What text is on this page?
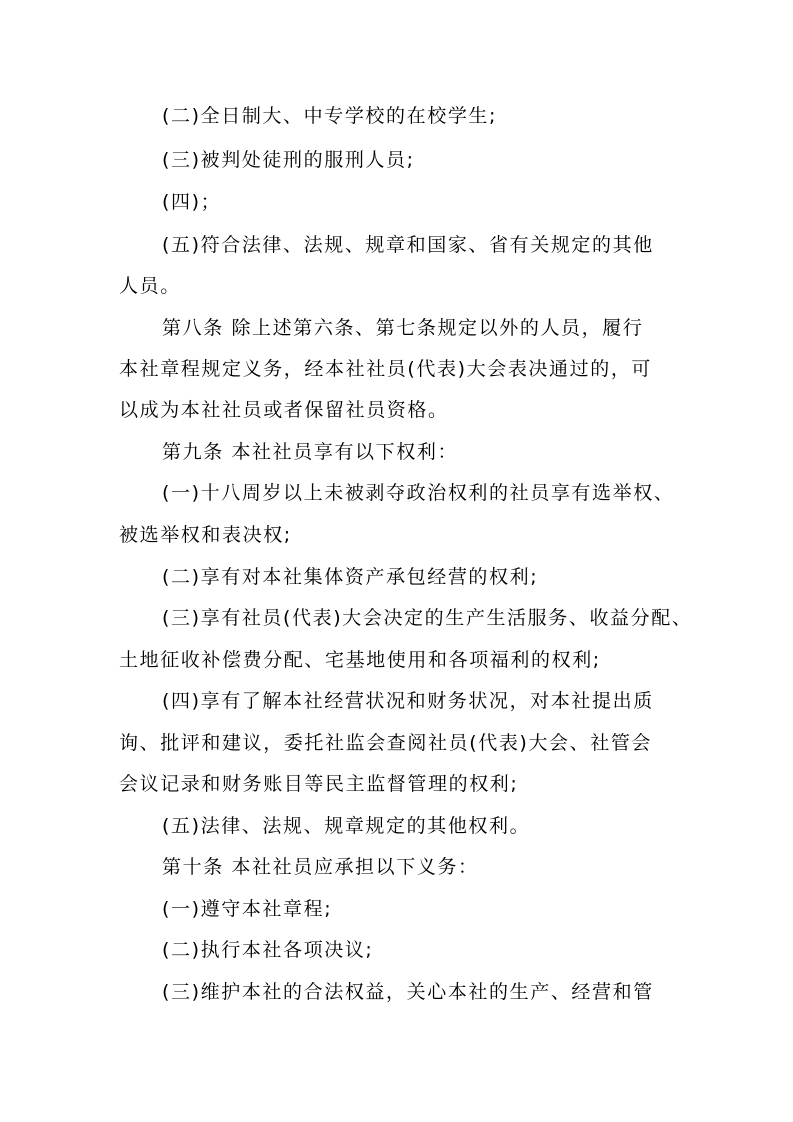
(二)全日制大、中专学校的在校学生;
(三)被判处徒刑的服刑人员;
(四)；
(五)符合法律、法规、规章和国家、省有关规定的其他
人员。
第八条 除上述第六条、第七条规定以外的人员，履行
本社章程规定义务，经本社社员(代表)大会表决通过的，可
以成为本社社员或者保留社员资格。
第九条 本社社员享有以下权利：
(一)十八周岁以上未被剥夺政治权利的社员享有选举权、
被选举权和表决权;
(二)享有对本社集体资产承包经营的权利;
(三)享有社员(代表)大会决定的生产生活服务、收益分配、
土地征收补偿费分配、宅基地使用和各项福利的权利;
(四)享有了解本社经营状况和财务状况，对本社提出质
询、批评和建议，委托社监会查阅社员(代表)大会、社管会
会议记录和财务账目等民主监督管理的权利;
(五)法律、法规、规章规定的其他权利。
第十条 本社社员应承担以下义务：
(一)遵守本社章程;
(二)执行本社各项决议;
(三)维护本社的合法权益，关心本社的生产、经营和管
